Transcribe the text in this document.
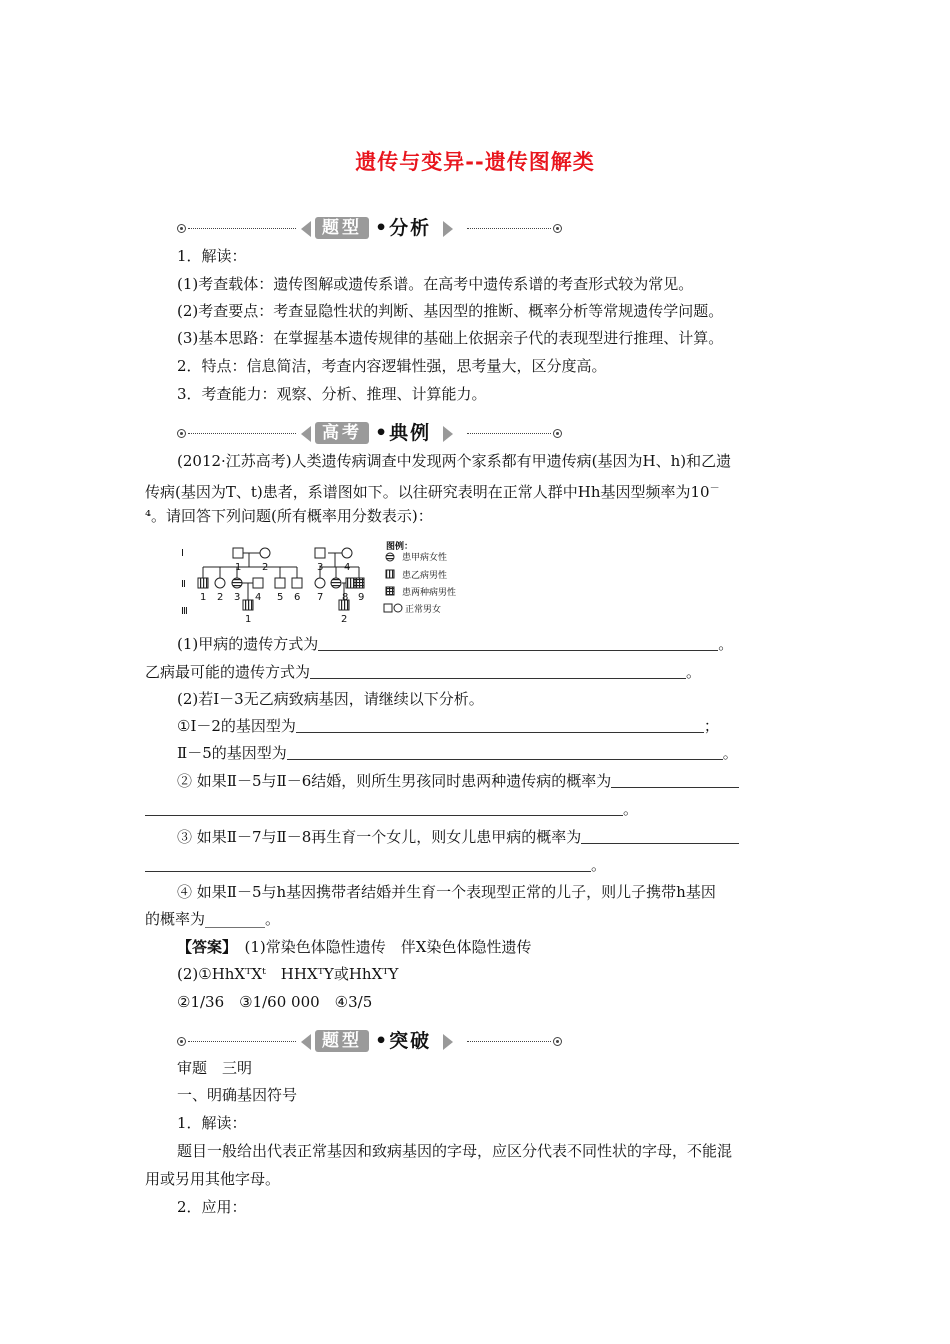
遗传与变异--遗传图解类
题型 •分析
1．解读：
(1)考查载体：遗传图解或遗传系谱。在高考中遗传系谱的考查形式较为常见。
(2)考查要点：考查显隐性状的判断、基因型的推断、概率分析等常规遗传学问题。
(3)基本思路：在掌握基本遗传规律的基础上依据亲子代的表现型进行推理、计算。
2．特点：信息简洁，考查内容逻辑性强，思考量大，区分度高。
3．考查能力：观察、分析、推理、计算能力。
高考 •典例
(2012·江苏高考)人类遗传病调查中发现两个家系都有甲遗传病(基因为H、h)和乙遗
传病(基因为T、t)患者，系谱图如下。以往研究表明在正常人群中Hh基因型频率为10－
⁴。请回答下列问题(所有概率用分数表示)：
Ⅰ
Ⅱ
Ⅲ
1 2	3 4
1 2 3 4 5 6 7 8 9
1	2
图例：
患甲病女性
患乙病男性
患两种病男性
正常男女
(1)甲病的遗传方式为	。
乙病最可能的遗传方式为	。
(2)若Ⅰ－3无乙病致病基因，请继续以下分析。
①Ⅰ－2的基因型为	；
Ⅱ－5的基因型为	。
② 如果Ⅱ－5与Ⅱ－6结婚，则所生男孩同时患两种遗传病的概率为
。
③ 如果Ⅱ－7与Ⅱ－8再生育一个女儿，则女儿患甲病的概率为
。
④ 如果Ⅱ－5与h基因携带者结婚并生育一个表现型正常的儿子，则儿子携带h基因
的概率为________。
【答案】　 (1)常染色体隐性遗传　伴X染色体隐性遗传
(2)①HhXᵀXᵗ　HHXᵀY或HhXᵀY
②1/36　③1/60 000　④3/5
题型 •突破
审题　三明
一、明确基因符号
1．解读：
题目一般给出代表正常基因和致病基因的字母，应区分代表不同性状的字母，不能混
用或另用其他字母。
2．应用：
